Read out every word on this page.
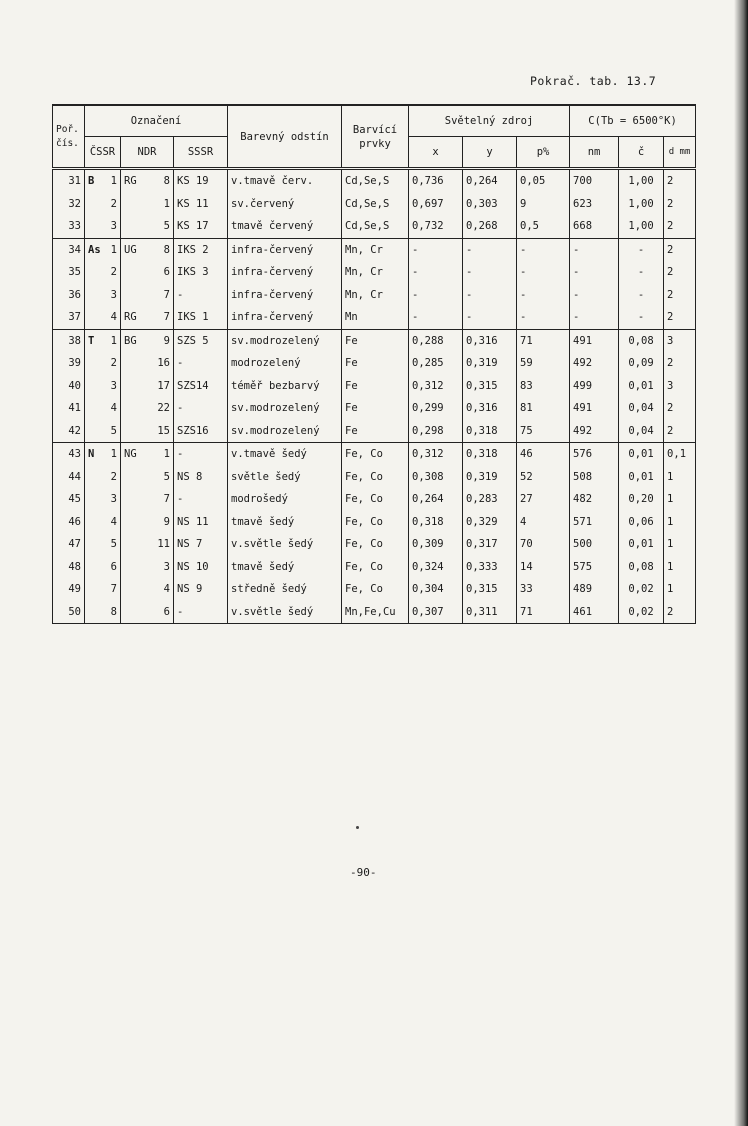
Pokrač. tab. 13.7
Poř. čís.	Označení			Barevný odstín	Barvící prvky	Světelný zdroj			C(Tb = 6500°K)		
	ČSSR	NDR	SSSR			x	y	p%	nm	č	d mm
31	B 1	RG 8	KS 19	v.tmavě červ.	Cd,Se,S	0,736	0,264	0,05	700	1,00	2
32	2	1	KS 11	sv.červený	Cd,Se,S	0,697	0,303	9	623	1,00	2
33	3	5	KS 17	tmavě červený	Cd,Se,S	0,732	0,268	0,5	668	1,00	2
34	As 1	UG 8	IKS 2	infra-červený	Mn, Cr	-	-	-	-	-	2
35	2	6	IKS 3	infra-červený	Mn, Cr	-	-	-	-	-	2
36	3	7	-	infra-červený	Mn, Cr	-	-	-	-	-	2
37	4	RG 7	IKS 1	infra-červený	Mn	-	-	-	-	-	2
38	T 1	BG 9	SZS 5	sv.modrozelený	Fe	0,288	0,316	71	491	0,08	3
39	2	16	-	modrozelený	Fe	0,285	0,319	59	492	0,09	2
40	3	17	SZS14	téměř bezbarvý	Fe	0,312	0,315	83	499	0,01	3
41	4	22	-	sv.modrozelený	Fe	0,299	0,316	81	491	0,04	2
42	5	15	SZS16	sv.modrozelený	Fe	0,298	0,318	75	492	0,04	2
43	N 1	NG 1	-	v.tmavě šedý	Fe, Co	0,312	0,318	46	576	0,01	0,1
44	2	5	NS 8	světle šedý	Fe, Co	0,308	0,319	52	508	0,01	1
45	3	7	-	modrošedý	Fe, Co	0,264	0,283	27	482	0,20	1
46	4	9	NS 11	tmavě šedý	Fe, Co	0,318	0,329	4	571	0,06	1
47	5	11	NS 7	v.světle šedý	Fe, Co	0,309	0,317	70	500	0,01	1
48	6	3	NS 10	tmavě šedý	Fe, Co	0,324	0,333	14	575	0,08	1
49	7	4	NS 9	středně šedý	Fe, Co	0,304	0,315	33	489	0,02	1
50	8	6	-	v.světle šedý	Mn,Fe,Cu	0,307	0,311	71	461	0,02	2
-90-
